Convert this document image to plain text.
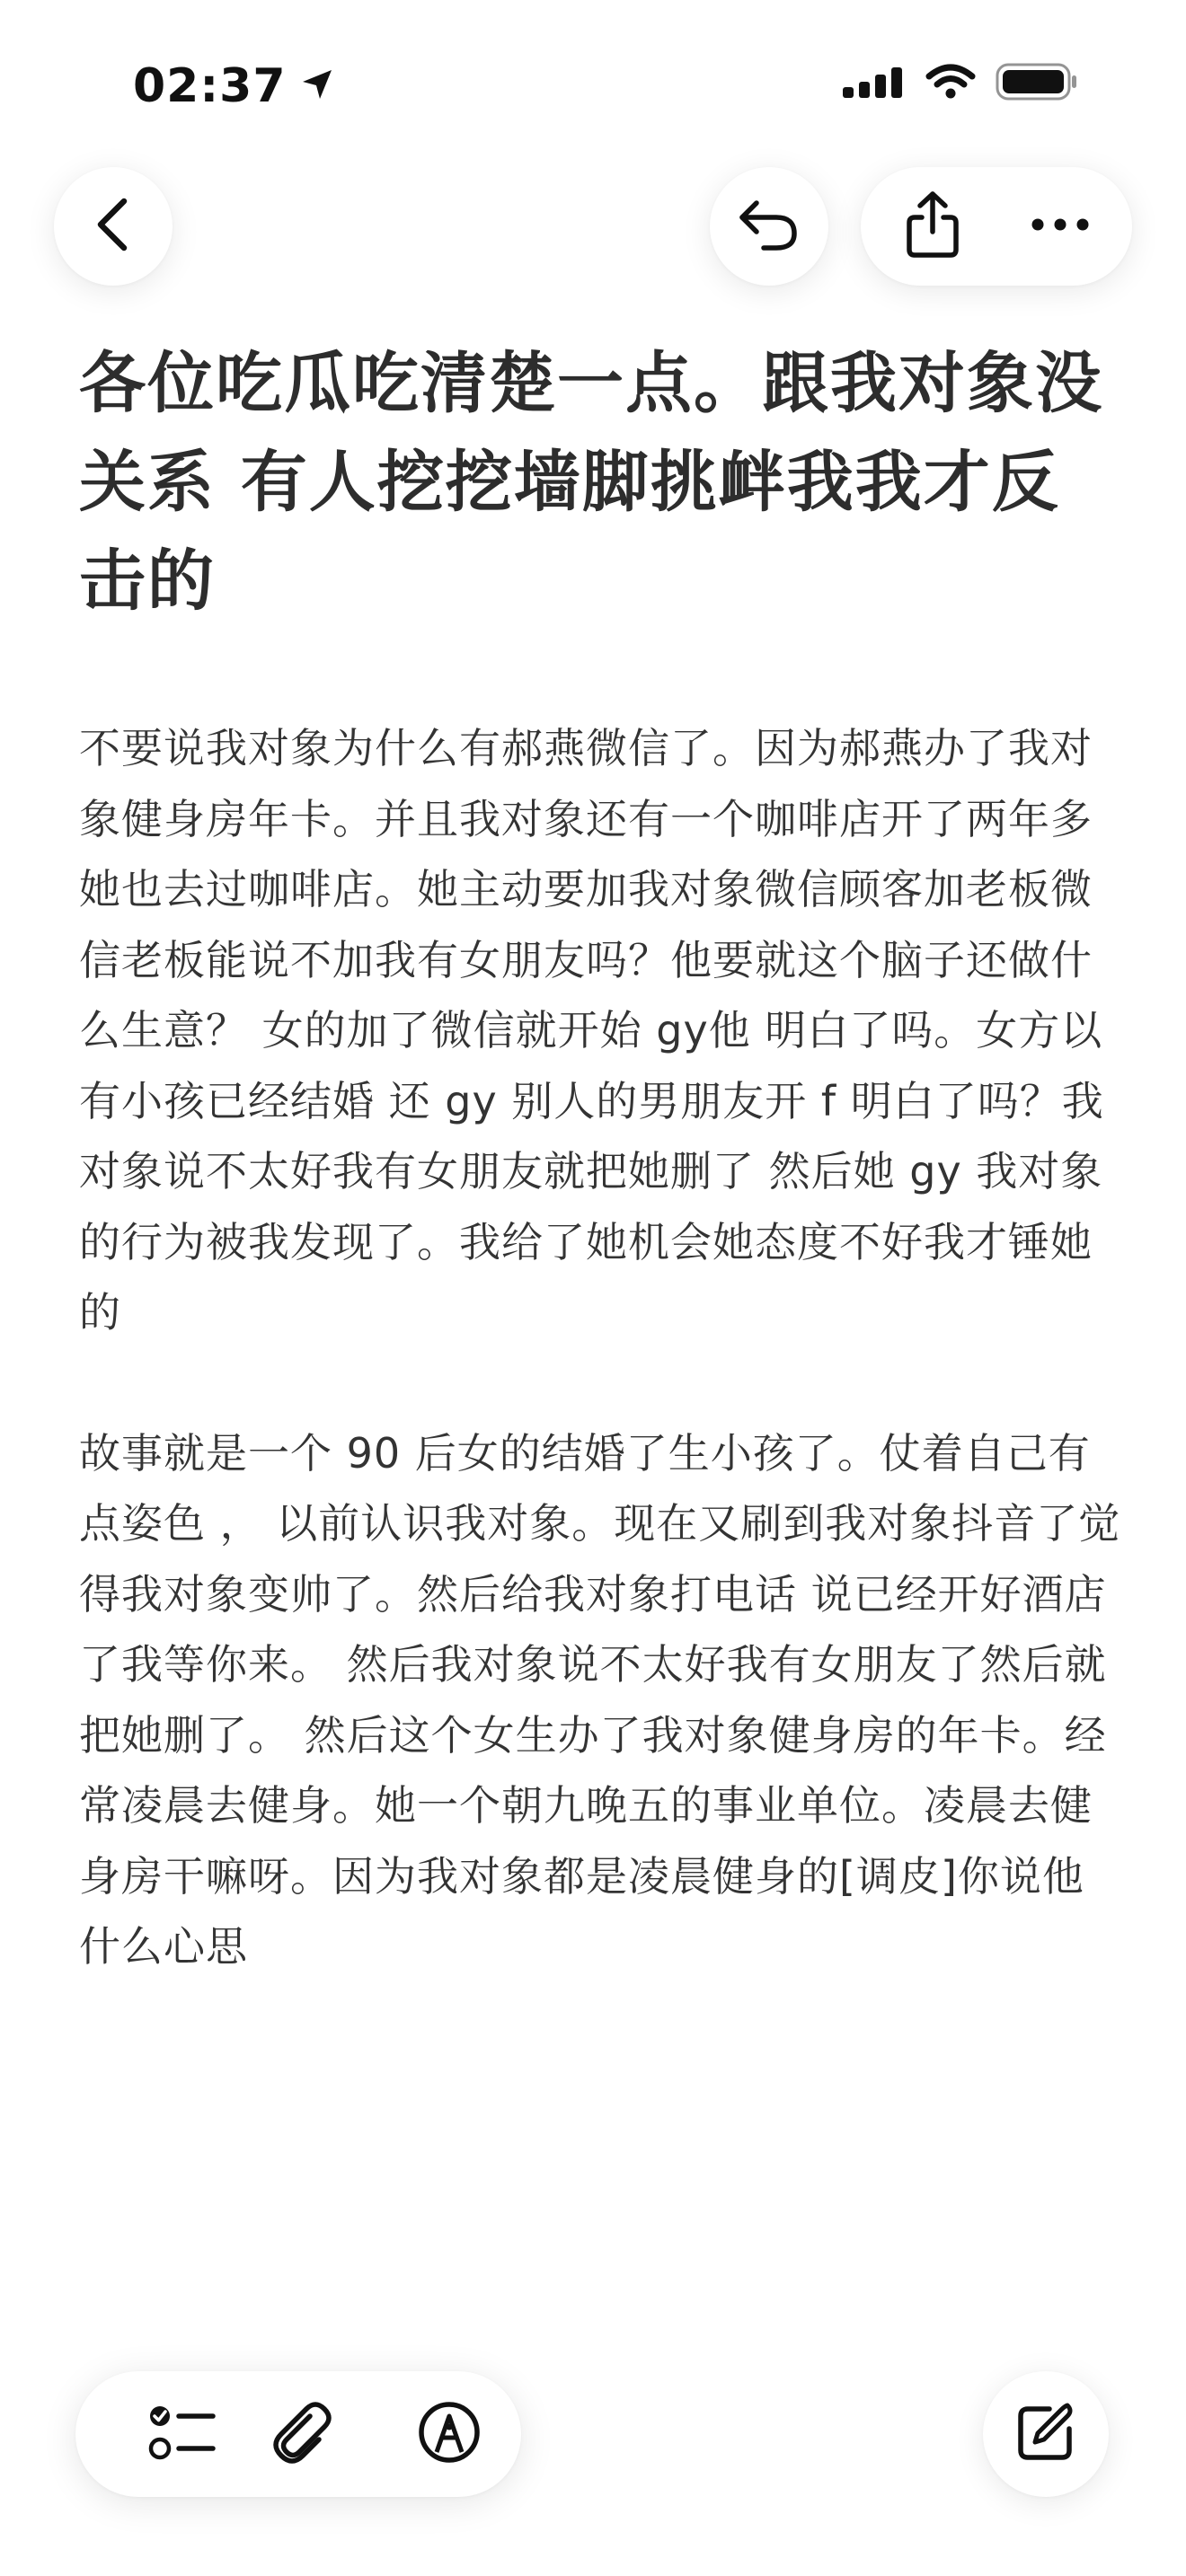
02:37
各位吃瓜吃清楚一点。跟我对象没关系 有人挖挖墙脚挑衅我我才反击的

不要说我对象为什么有郝燕微信了。因为郝燕办了我对象健身房年卡。并且我对象还有一个咖啡店开了两年多她也去过咖啡店。她主动要加我对象微信顾客加老板微信老板能说不加我有女朋友吗？他要就这个脑子还做什么生意？ 女的加了微信就开始 gy他 明白了吗。女方以有小孩已经结婚 还 gy 别人的男朋友开 f 明白了吗？我对象说不太好我有女朋友就把她删了 然后她 gy 我对象的行为被我发现了。我给了她机会她态度不好我才锤她的

故事就是一个 90 后女的结婚了生小孩了。仗着自己有点姿色 ， 以前认识我对象。现在又刷到我对象抖音了觉得我对象变帅了。然后给我对象打电话 说已经开好酒店了我等你来。 然后我对象说不太好我有女朋友了然后就把她删了。 然后这个女生办了我对象健身房的年卡。经常凌晨去健身。她一个朝九晚五的事业单位。凌晨去健身房干嘛呀。因为我对象都是凌晨健身的[调皮]你说他什么心思
